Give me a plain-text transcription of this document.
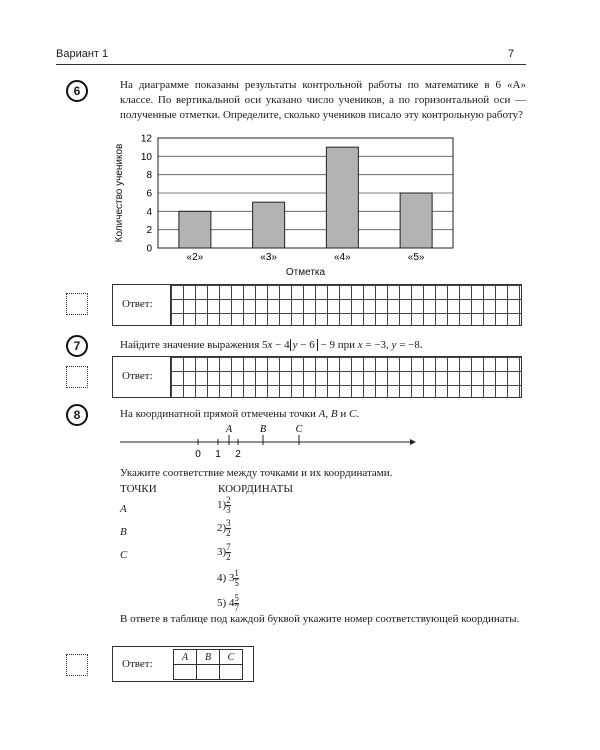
Вариант 1	7
6	На диаграмме показаны результаты контрольной работы по математике в 6 «А» классе. По вертикальной оси указано число учеников, а по горизонтальной оси — полученные отметки. Определите, сколько учеников писало эту контрольную работу?
0
2
4
6
8
10
12
«2»	«3»	«4»	«5»
Количество учеников
Отметка
Ответ:
7	Найдите значение выражения 5x − 4 y − 6 − 9 при x = −3, y = −8.
Ответ:
8	На координатной прямой отмечены точки A, B и C.
A	B	C
0 1 2
Укажите соответствие между точками и их координатами.
ТОЧКИ	КООРДИНАТЫ
A
B
C
$1) \frac{2}{3}$
$2) \frac{3}{2}$
$3) \frac{7}{2}$
4) $3 \frac{1}{5}$
5) $4 \frac{5}{7}$
В ответе в таблице под каждой буквой укажите номер соответствующей координаты.
Ответ:
A	B	C
